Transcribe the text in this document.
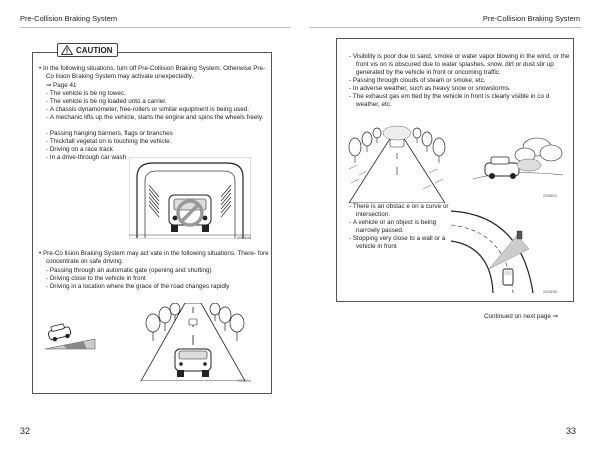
Pre-Collision Braking System	Pre-Collision Braking System
CAUTION
• In the following situations, turn off Pre-Collision Braking System. Otherwise Pre-Co lision Braking System may activate unexpectedly.
⇒ Page 41
- The vehicle is be ng towec.
- The vehicle is be ng loaded onto a carrier.
- A chassis dynamometer, free-rollers or similar equipment is being used.
- A mechanic lifts up the vehicle, starts the engine and spins the wheels freely.
- Passing hanging banners, flags or branches
- Thick/tall vegetat on is touching the vehicle.
- Driving on a race track
- In a drive-through car wash
S00408
• Pre-Co lision Braking System may act vate in the following situations. There- fore concentrate on safe driving.
- Passing through an automatic gate (opening and shutting)
- Driving close to the vehicle in front
- Driving in a location where the grace of the road changes rapidly
S01284
- Visibility is poor due to sand, smoke or water vapor blowing in the wind, or the front vis on is obscured due to water splashes, snow, dirt or dust stir up generated by the vehicle in front or oncoming traffic.
- Passing through clouds of steam or smoke, etc.
- In adverse weather, such as heavy snow or snowstorms.
- The exhaust gas em tted by the vehicle in front is clearly visible in co d weather, etc.
S00852
- There is an obstac e on a curve or intersection.
- A vehicle or an object is being narrowly passed.
- Stopping very close to a wall or a vehicle in front
S02895
Continued on next page ⇒
32	33
